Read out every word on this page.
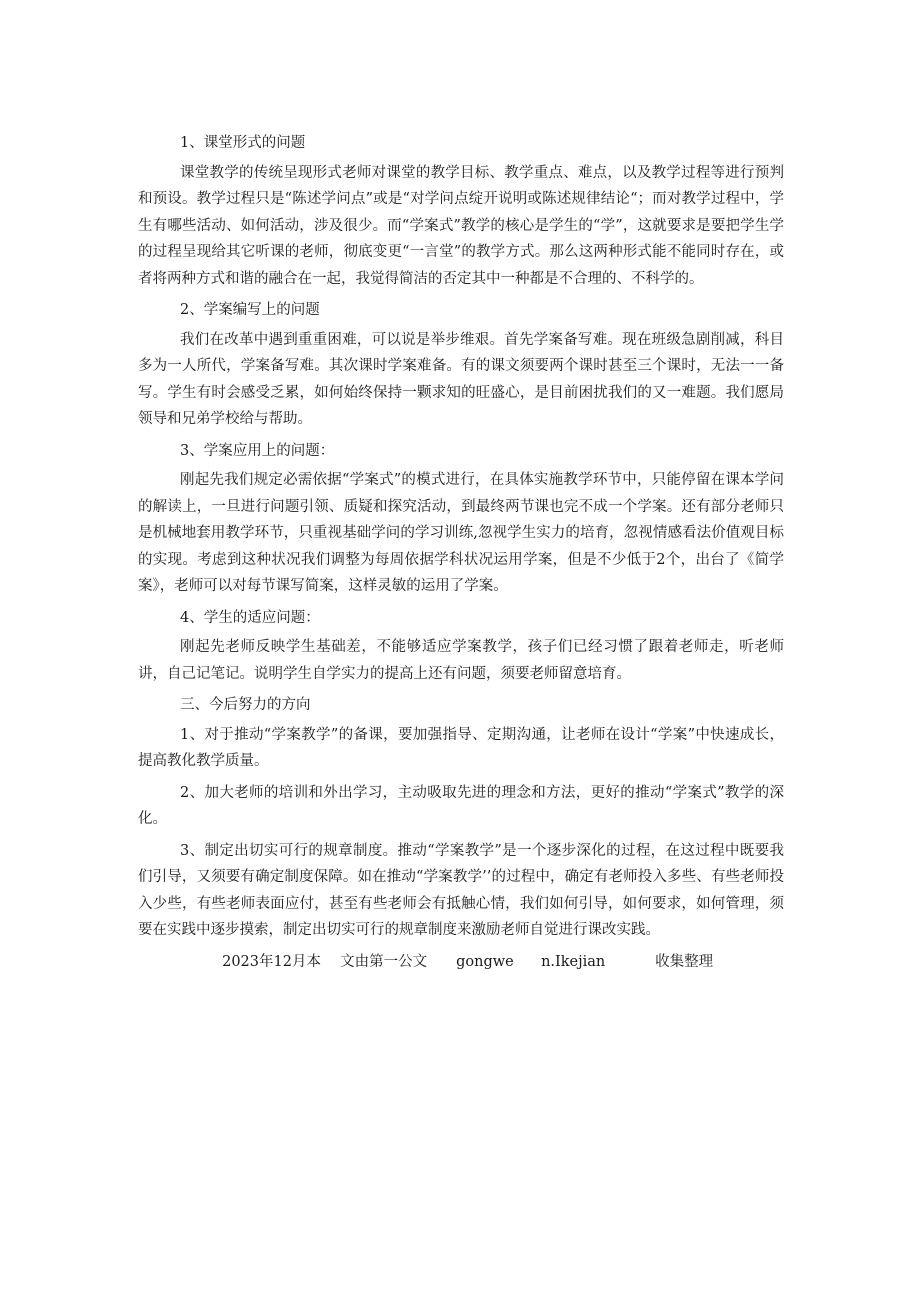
1、课堂形式的问题

课堂教学的传统呈现形式老师对课堂的教学目标、教学重点、难点，以及教学过程等进行预判和预设。教学过程只是“陈述学问点”或是“对学问点绽开说明或陈述规律结论“；而对教学过程中，学生有哪些活动、如何活动，涉及很少。而“学案式”教学的核心是学生的“学”，这就要求是要把学生学的过程呈现给其它听课的老师，彻底变更“一言堂”的教学方式。那么这两种形式能不能同时存在，或者将两种方式和谐的融合在一起，我觉得简洁的否定其中一种都是不合理的、不科学的。

2、学案编写上的问题

我们在改革中遇到重重困难，可以说是举步维艰。首先学案备写难。现在班级急剧削减，科目多为一人所代，学案备写难。其次课时学案难备。有的课文须要两个课时甚至三个课时，无法一一备写。学生有时会感受乏累，如何始终保持一颗求知的旺盛心，是目前困扰我们的又一难题。我们愿局领导和兄弟学校给与帮助。

3、学案应用上的问题：

刚起先我们规定必需依据“学案式”的模式进行，在具体实施教学环节中，只能停留在课本学问的解读上，一旦进行问题引领、质疑和探究活动，到最终两节课也完不成一个学案。还有部分老师只是机械地套用教学环节，只重视基础学问的学习训练,忽视学生实力的培育，忽视情感看法价值观目标的实现。考虑到这种状况我们调整为每周依据学科状况运用学案，但是不少低于2个，出台了《简学案》，老师可以对每节课写简案，这样灵敏的运用了学案。

4、学生的适应问题：

刚起先老师反映学生基础差，不能够适应学案教学，孩子们已经习惯了跟着老师走，听老师讲，自己记笔记。说明学生自学实力的提高上还有问题，须要老师留意培育。

三、今后努力的方向

1、对于推动“学案教学”的备课，要加强指导、定期沟通，让老师在设计“学案”中快速成长，提高教化教学质量。

2、加大老师的培训和外出学习，主动吸取先进的理念和方法，更好的推动“学案式”教学的深化。

3、制定出切实可行的规章制度。推动“学案教学”是一个逐步深化的过程，在这过程中既要我们引导，又须要有确定制度保障。如在推动“学案教学’’的过程中，确定有老师投入多些、有些老师投入少些，有些老师表面应付，甚至有些老师会有抵触心情，我们如何引导，如何要求，如何管理，须要在实践中逐步摸索，制定出切实可行的规章制度来激励老师自觉进行课改实践。

2023年12月本 文由第一公文 gongwe n.Ikejian	收集整理
